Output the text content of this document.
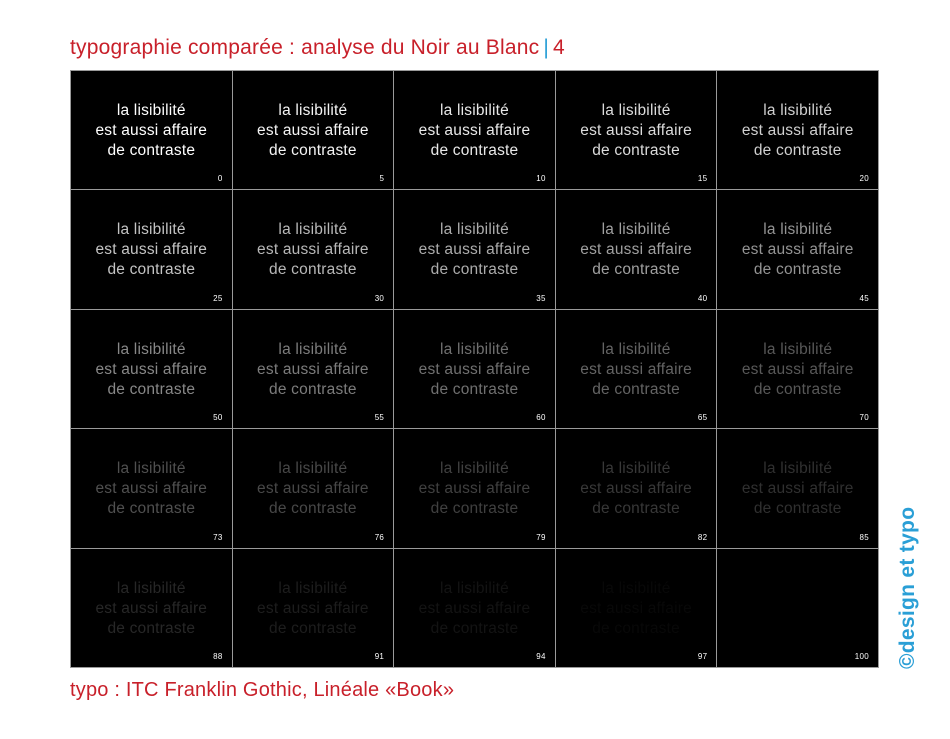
typographie comparée : analyse du Noir au Blanc | 4
la lisibilité
est aussi affaire
de contraste
0
la lisibilité
est aussi affaire
de contraste
5
la lisibilité
est aussi affaire
de contraste
10
la lisibilité
est aussi affaire
de contraste
15
la lisibilité
est aussi affaire
de contraste
20
la lisibilité
est aussi affaire
de contraste
25
la lisibilité
est aussi affaire
de contraste
30
la lisibilité
est aussi affaire
de contraste
35
la lisibilité
est aussi affaire
de contraste
40
la lisibilité
est aussi affaire
de contraste
45
la lisibilité
est aussi affaire
de contraste
50
la lisibilité
est aussi affaire
de contraste
55
la lisibilité
est aussi affaire
de contraste
60
la lisibilité
est aussi affaire
de contraste
65
la lisibilité
est aussi affaire
de contraste
70
la lisibilité
est aussi affaire
de contraste
73
la lisibilité
est aussi affaire
de contraste
76
la lisibilité
est aussi affaire
de contraste
79
la lisibilité
est aussi affaire
de contraste
82
la lisibilité
est aussi affaire
de contraste
85
la lisibilité
est aussi affaire
de contraste
88
la lisibilité
est aussi affaire
de contraste
91
la lisibilité
est aussi affaire
de contraste
94
la lisibilité
est aussi affaire
de contraste
97
la lisibilité
est aussi affaire
de contraste
100
typo : ITC Franklin Gothic, Linéale «Book»
©design et typo
